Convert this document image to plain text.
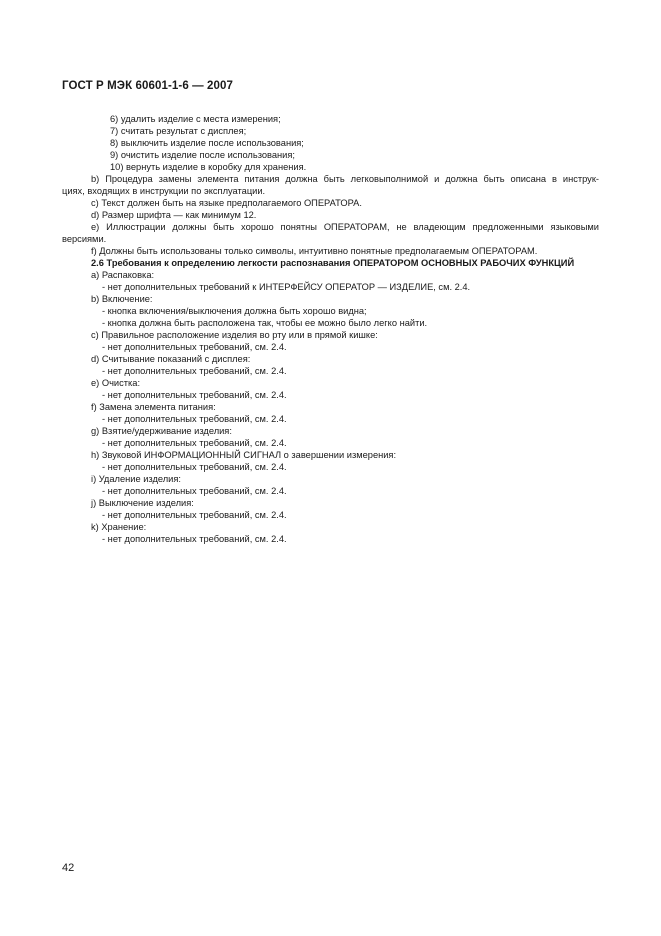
ГОСТ Р МЭК 60601-1-6 — 2007
6) удалить изделие с места измерения;
7) считать результат с дисплея;
8) выключить изделие после использования;
9) очистить изделие после использования;
10) вернуть изделие в коробку для хранения.
b) Процедура замены элемента питания должна быть легковыполнимой и должна быть описана в инструк-
циях, входящих в инструкции по эксплуатации.
c) Текст должен быть на языке предполагаемого ОПЕРАТОРА.
d) Размер шрифта — как минимум 12.
e) Иллюстрации должны быть хорошо понятны ОПЕРАТОРАМ, не владеющим предложенными языковыми
версиями.
f) Должны быть использованы только символы, интуитивно понятные предполагаемым ОПЕРАТОРАМ.
2.6 Требования к определению легкости распознавания ОПЕРАТОРОМ ОСНОВНЫХ РАБОЧИХ ФУНКЦИЙ
a) Распаковка:
- нет дополнительных требований к ИНТЕРФЕЙСУ ОПЕРАТОР — ИЗДЕЛИЕ, см. 2.4.
b) Включение:
- кнопка включения/выключения должна быть хорошо видна;
- кнопка должна быть расположена так, чтобы ее можно было легко найти.
c) Правильное расположение изделия во рту или в прямой кишке:
- нет дополнительных требований, см. 2.4.
d) Считывание показаний с дисплея:
- нет дополнительных требований, см. 2.4.
e) Очистка:
- нет дополнительных требований, см. 2.4.
f) Замена элемента питания:
- нет дополнительных требований, см. 2.4.
g) Взятие/удерживание изделия:
- нет дополнительных требований, см. 2.4.
h) Звуковой ИНФОРМАЦИОННЫЙ СИГНАЛ о завершении измерения:
- нет дополнительных требований, см. 2.4.
i) Удаление изделия:
- нет дополнительных требований, см. 2.4.
j) Выключение изделия:
- нет дополнительных требований, см. 2.4.
k) Хранение:
- нет дополнительных требований, см. 2.4.
42
